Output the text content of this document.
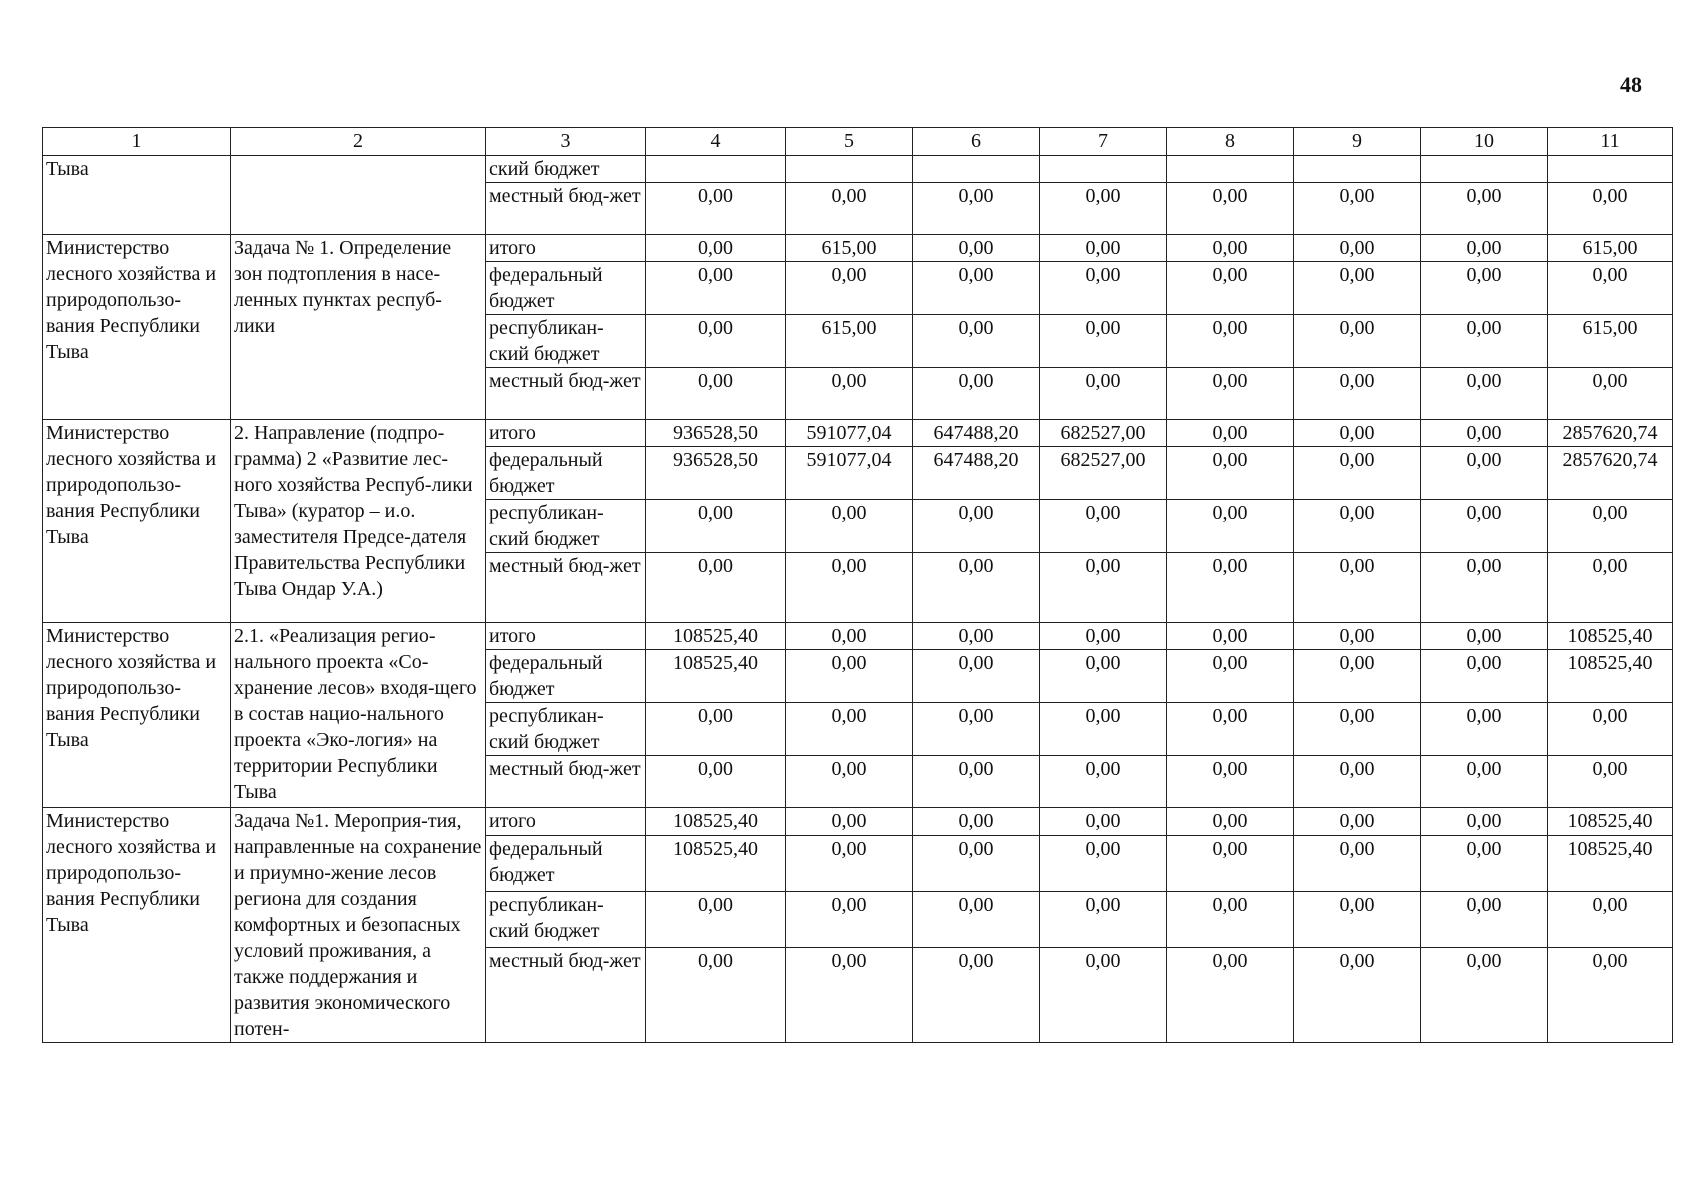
48
1	2	3	4	5	6	7	8	9	10	11
Тыва		ский бюджет								
		местный бюд-жет	0,00	0,00	0,00	0,00	0,00	0,00	0,00	0,00
Министерство лесного хозяйства и природопользо-вания Республики Тыва	Задача № 1. Определение зон подтопления в насе-ленных пунктах респуб-лики	итого	0,00	615,00	0,00	0,00	0,00	0,00	0,00	615,00
		федеральный бюджет	0,00	0,00	0,00	0,00	0,00	0,00	0,00	0,00
		республикан-ский бюджет	0,00	615,00	0,00	0,00	0,00	0,00	0,00	615,00
		местный бюд-жет	0,00	0,00	0,00	0,00	0,00	0,00	0,00	0,00
Министерство лесного хозяйства и природопользо-вания Республики Тыва	2. Направление (подпро-грамма) 2 «Развитие лес-ного хозяйства Респуб-лики Тыва» (куратор – и.о. заместителя Предсе-дателя Правительства Республики Тыва Ондар У.А.)	итого	936528,50	591077,04	647488,20	682527,00	0,00	0,00	0,00	2857620,74
		федеральный бюджет	936528,50	591077,04	647488,20	682527,00	0,00	0,00	0,00	2857620,74
		республикан-ский бюджет	0,00	0,00	0,00	0,00	0,00	0,00	0,00	0,00
		местный бюд-жет	0,00	0,00	0,00	0,00	0,00	0,00	0,00	0,00
Министерство лесного хозяйства и природопользо-вания Республики Тыва	2.1. «Реализация регио-нального проекта «Со-хранение лесов» входя-щего в состав нацио-нального проекта «Эко-логия» на территории Республики Тыва	итого	108525,40	0,00	0,00	0,00	0,00	0,00	0,00	108525,40
		федеральный бюджет	108525,40	0,00	0,00	0,00	0,00	0,00	0,00	108525,40
		республикан-ский бюджет	0,00	0,00	0,00	0,00	0,00	0,00	0,00	0,00
		местный бюд-жет	0,00	0,00	0,00	0,00	0,00	0,00	0,00	0,00
Министерство лесного хозяйства и природопользо-вания Республики Тыва	Задача №1. Мероприя-тия, направленные на сохранение и приумно-жение лесов региона для создания комфортных и безопасных условий проживания, а также поддержания и развития экономического потен-	итого	108525,40	0,00	0,00	0,00	0,00	0,00	0,00	108525,40
		федеральный бюджет	108525,40	0,00	0,00	0,00	0,00	0,00	0,00	108525,40
		республикан-ский бюджет	0,00	0,00	0,00	0,00	0,00	0,00	0,00	0,00
		местный бюд-жет	0,00	0,00	0,00	0,00	0,00	0,00	0,00	0,00
